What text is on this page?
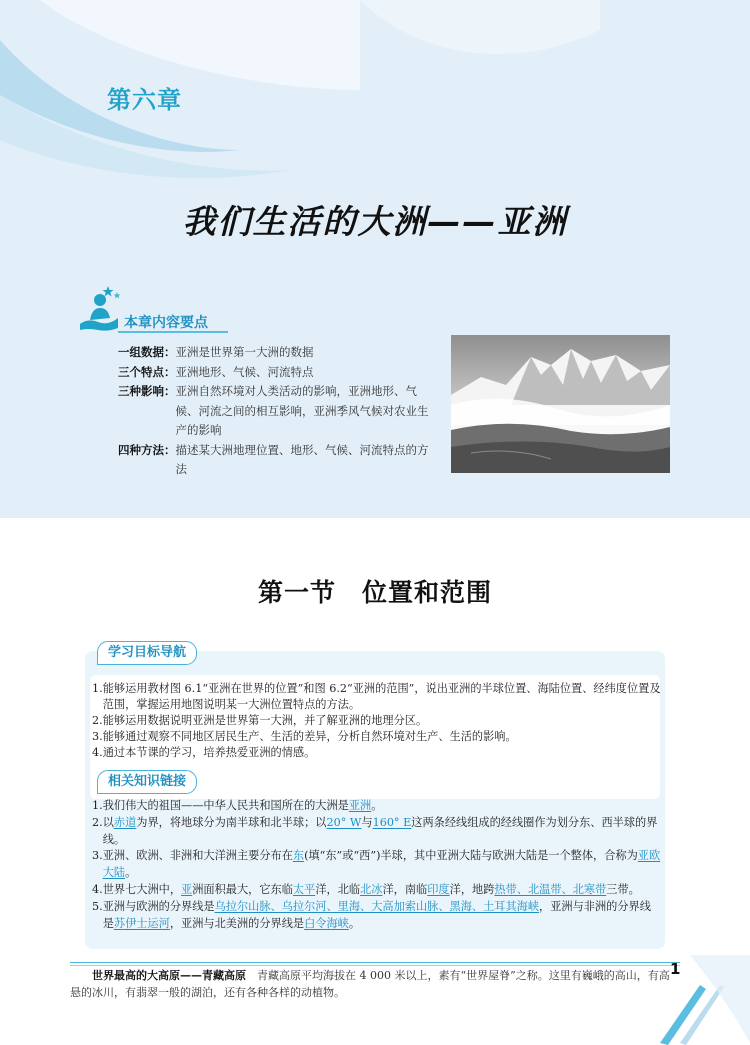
第六章
我们生活的大洲——亚洲
本章内容要点
一组数据： 亚洲是世界第一大洲的数据
三个特点： 亚洲地形、气候、河流特点
三种影响： 亚洲自然环境对人类活动的影响，亚洲地形、气候、河流之间的相互影响，亚洲季风气候对农业生产的影响
四种方法： 描述某大洲地理位置、地形、气候、河流特点的方法
第一节　位置和范围
学习目标导航
1. 能够运用教材图 6.1“亚洲在世界的位置”和图 6.2“亚洲的范围”，说出亚洲的半球位置、海陆位置、经纬度位置及范围，掌握运用地图说明某一大洲位置特点的方法。
2. 能够运用数据说明亚洲是世界第一大洲，并了解亚洲的地理分区。
3. 能够通过观察不同地区居民生产、生活的差异，分析自然环境对生产、生活的影响。
4. 通过本节课的学习，培养热爱亚洲的情感。
相关知识链接
1. 我们伟大的祖国——中华人民共和国所在的大洲是亚洲。
2. 以赤道为界，将地球分为南半球和北半球；以20° W与160° E这两条经线组成的经线圈作为划分东、西半球的界线。
3. 亚洲、欧洲、非洲和大洋洲主要分布在东(填“东”或“西”)半球，其中亚洲大陆与欧洲大陆是一个整体，合称为亚欧大陆。
4. 世界七大洲中，亚洲面积最大，它东临太平洋，北临北冰洋，南临印度洋，地跨热带、北温带、北寒带三带。
5. 亚洲与欧洲的分界线是乌拉尔山脉、乌拉尔河、里海、大高加索山脉、黑海、土耳其海峡，亚洲与非洲的分界线是苏伊士运河，亚洲与北美洲的分界线是白令海峡。
世界最高的大高原——青藏高原　青藏高原平均海拔在 4 000 米以上，素有“世界屋脊”之称。这里有巍峨的高山，有高悬的冰川，有翡翠一般的湖泊，还有各种各样的动植物。
1
